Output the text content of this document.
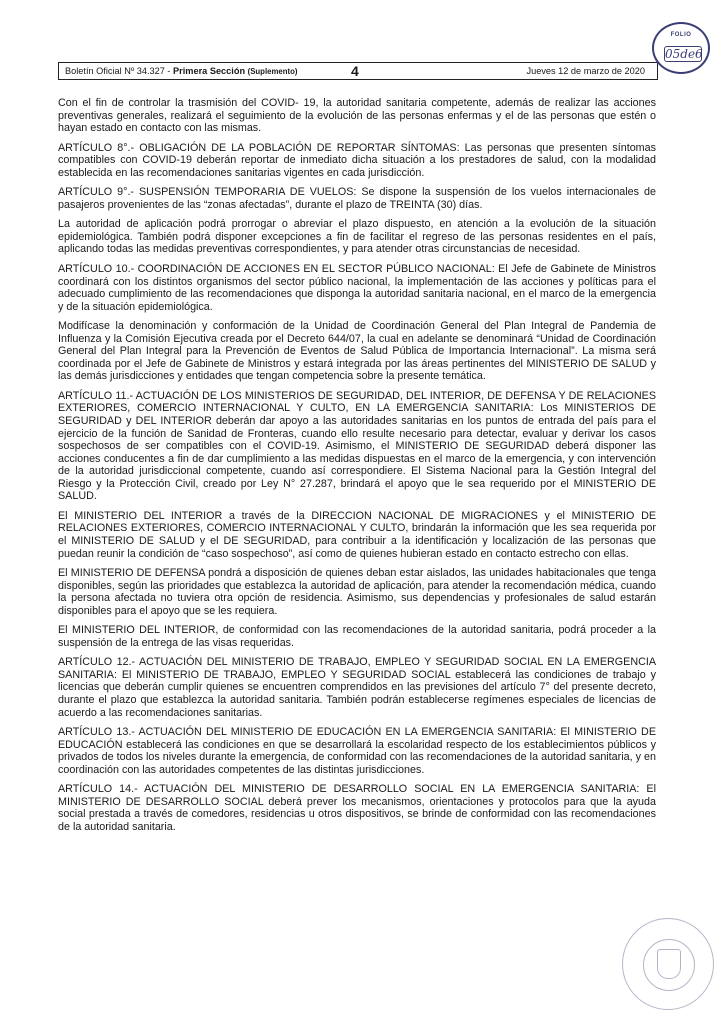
Boletín Oficial Nº 34.327 - Primera Sección (Suplemento)	4	Jueves 12 de marzo de 2020
FOLIO
05de6

Con el fin de controlar la trasmisión del COVID- 19, la autoridad sanitaria competente, además de realizar las acciones preventivas generales, realizará el seguimiento de la evolución de las personas enfermas y el de las personas que estén o hayan estado en contacto con las mismas.

ARTÍCULO 8°.- OBLIGACIÓN DE LA POBLACIÓN DE REPORTAR SÍNTOMAS: Las personas que presenten síntomas compatibles con COVID-19 deberán reportar de inmediato dicha situación a los prestadores de salud, con la modalidad establecida en las recomendaciones sanitarias vigentes en cada jurisdicción.

ARTÍCULO 9°.- SUSPENSIÓN TEMPORARIA DE VUELOS: Se dispone la suspensión de los vuelos internacionales de pasajeros provenientes de las “zonas afectadas”, durante el plazo de TREINTA (30) días.

La autoridad de aplicación podrá prorrogar o abreviar el plazo dispuesto, en atención a la evolución de la situación epidemiológica. También podrá disponer excepciones a fin de facilitar el regreso de las personas residentes en el país, aplicando todas las medidas preventivas correspondientes, y para atender otras circunstancias de necesidad.

ARTÍCULO 10.- COORDINACIÓN DE ACCIONES EN EL SECTOR PÚBLICO NACIONAL: El Jefe de Gabinete de Ministros coordinará con los distintos organismos del sector público nacional, la implementación de las acciones y políticas para el adecuado cumplimiento de las recomendaciones que disponga la autoridad sanitaria nacional, en el marco de la emergencia y de la situación epidemiológica.

Modifícase la denominación y conformación de la Unidad de Coordinación General del Plan Integral de Pandemia de Influenza y la Comisión Ejecutiva creada por el Decreto 644/07, la cual en adelante se denominará “Unidad de Coordinación General del Plan Integral para la Prevención de Eventos de Salud Pública de Importancia Internacional”. La misma será coordinada por el Jefe de Gabinete de Ministros y estará integrada por las áreas pertinentes del MINISTERIO DE SALUD y las demás jurisdicciones y entidades que tengan competencia sobre la presente temática.

ARTÍCULO 11.- ACTUACIÓN DE LOS MINISTERIOS DE SEGURIDAD, DEL INTERIOR, DE DEFENSA Y DE RELACIONES EXTERIORES, COMERCIO INTERNACIONAL Y CULTO, EN LA EMERGENCIA SANITARIA: Los MINISTERIOS DE SEGURIDAD y DEL INTERIOR deberán dar apoyo a las autoridades sanitarias en los puntos de entrada del país para el ejercicio de la función de Sanidad de Fronteras, cuando ello resulte necesario para detectar, evaluar y derivar los casos sospechosos de ser compatibles con el COVID-19. Asimismo, el MINISTERIO DE SEGURIDAD deberá disponer las acciones conducentes a fin de dar cumplimiento a las medidas dispuestas en el marco de la emergencia, y con intervención de la autoridad jurisdiccional competente, cuando así correspondiere. El Sistema Nacional para la Gestión Integral del Riesgo y la Protección Civil, creado por Ley N° 27.287, brindará el apoyo que le sea requerido por el MINISTERIO DE SALUD.

El MINISTERIO DEL INTERIOR a través de la DIRECCION NACIONAL DE MIGRACIONES y el MINISTERIO DE RELACIONES EXTERIORES, COMERCIO INTERNACIONAL Y CULTO, brindarán la información que les sea requerida por el MINISTERIO DE SALUD y el DE SEGURIDAD, para contribuir a la identificación y localización de las personas que puedan reunir la condición de “caso sospechoso”, así como de quienes hubieran estado en contacto estrecho con ellas.

El MINISTERIO DE DEFENSA pondrá a disposición de quienes deban estar aislados, las unidades habitacionales que tenga disponibles, según las prioridades que establezca la autoridad de aplicación, para atender la recomendación médica, cuando la persona afectada no tuviera otra opción de residencia. Asimismo, sus dependencias y profesionales de salud estarán disponibles para el apoyo que se les requiera.

El MINISTERIO DEL INTERIOR, de conformidad con las recomendaciones de la autoridad sanitaria, podrá proceder a la suspensión de la entrega de las visas requeridas.

ARTÍCULO 12.- ACTUACIÓN DEL MINISTERIO DE TRABAJO, EMPLEO Y SEGURIDAD SOCIAL EN LA EMERGENCIA SANITARIA: El MINISTERIO DE TRABAJO, EMPLEO Y SEGURIDAD SOCIAL establecerá las condiciones de trabajo y licencias que deberán cumplir quienes se encuentren comprendidos en las previsiones del artículo 7° del presente decreto, durante el plazo que establezca la autoridad sanitaria. También podrán establecerse regímenes especiales de licencias de acuerdo a las recomendaciones sanitarias.

ARTÍCULO 13.- ACTUACIÓN DEL MINISTERIO DE EDUCACIÓN EN LA EMERGENCIA SANITARIA: El MINISTERIO DE EDUCACIÓN establecerá las condiciones en que se desarrollará la escolaridad respecto de los establecimientos públicos y privados de todos los niveles durante la emergencia, de conformidad con las recomendaciones de la autoridad sanitaria, y en coordinación con las autoridades competentes de las distintas jurisdicciones.

ARTÍCULO 14.- ACTUACIÓN DEL MINISTERIO DE DESARROLLO SOCIAL EN LA EMERGENCIA SANITARIA: El MINISTERIO DE DESARROLLO SOCIAL deberá prever los mecanismos, orientaciones y protocolos para que la ayuda social prestada a través de comedores, residencias u otros dispositivos, se brinde de conformidad con las recomendaciones de la autoridad sanitaria.
